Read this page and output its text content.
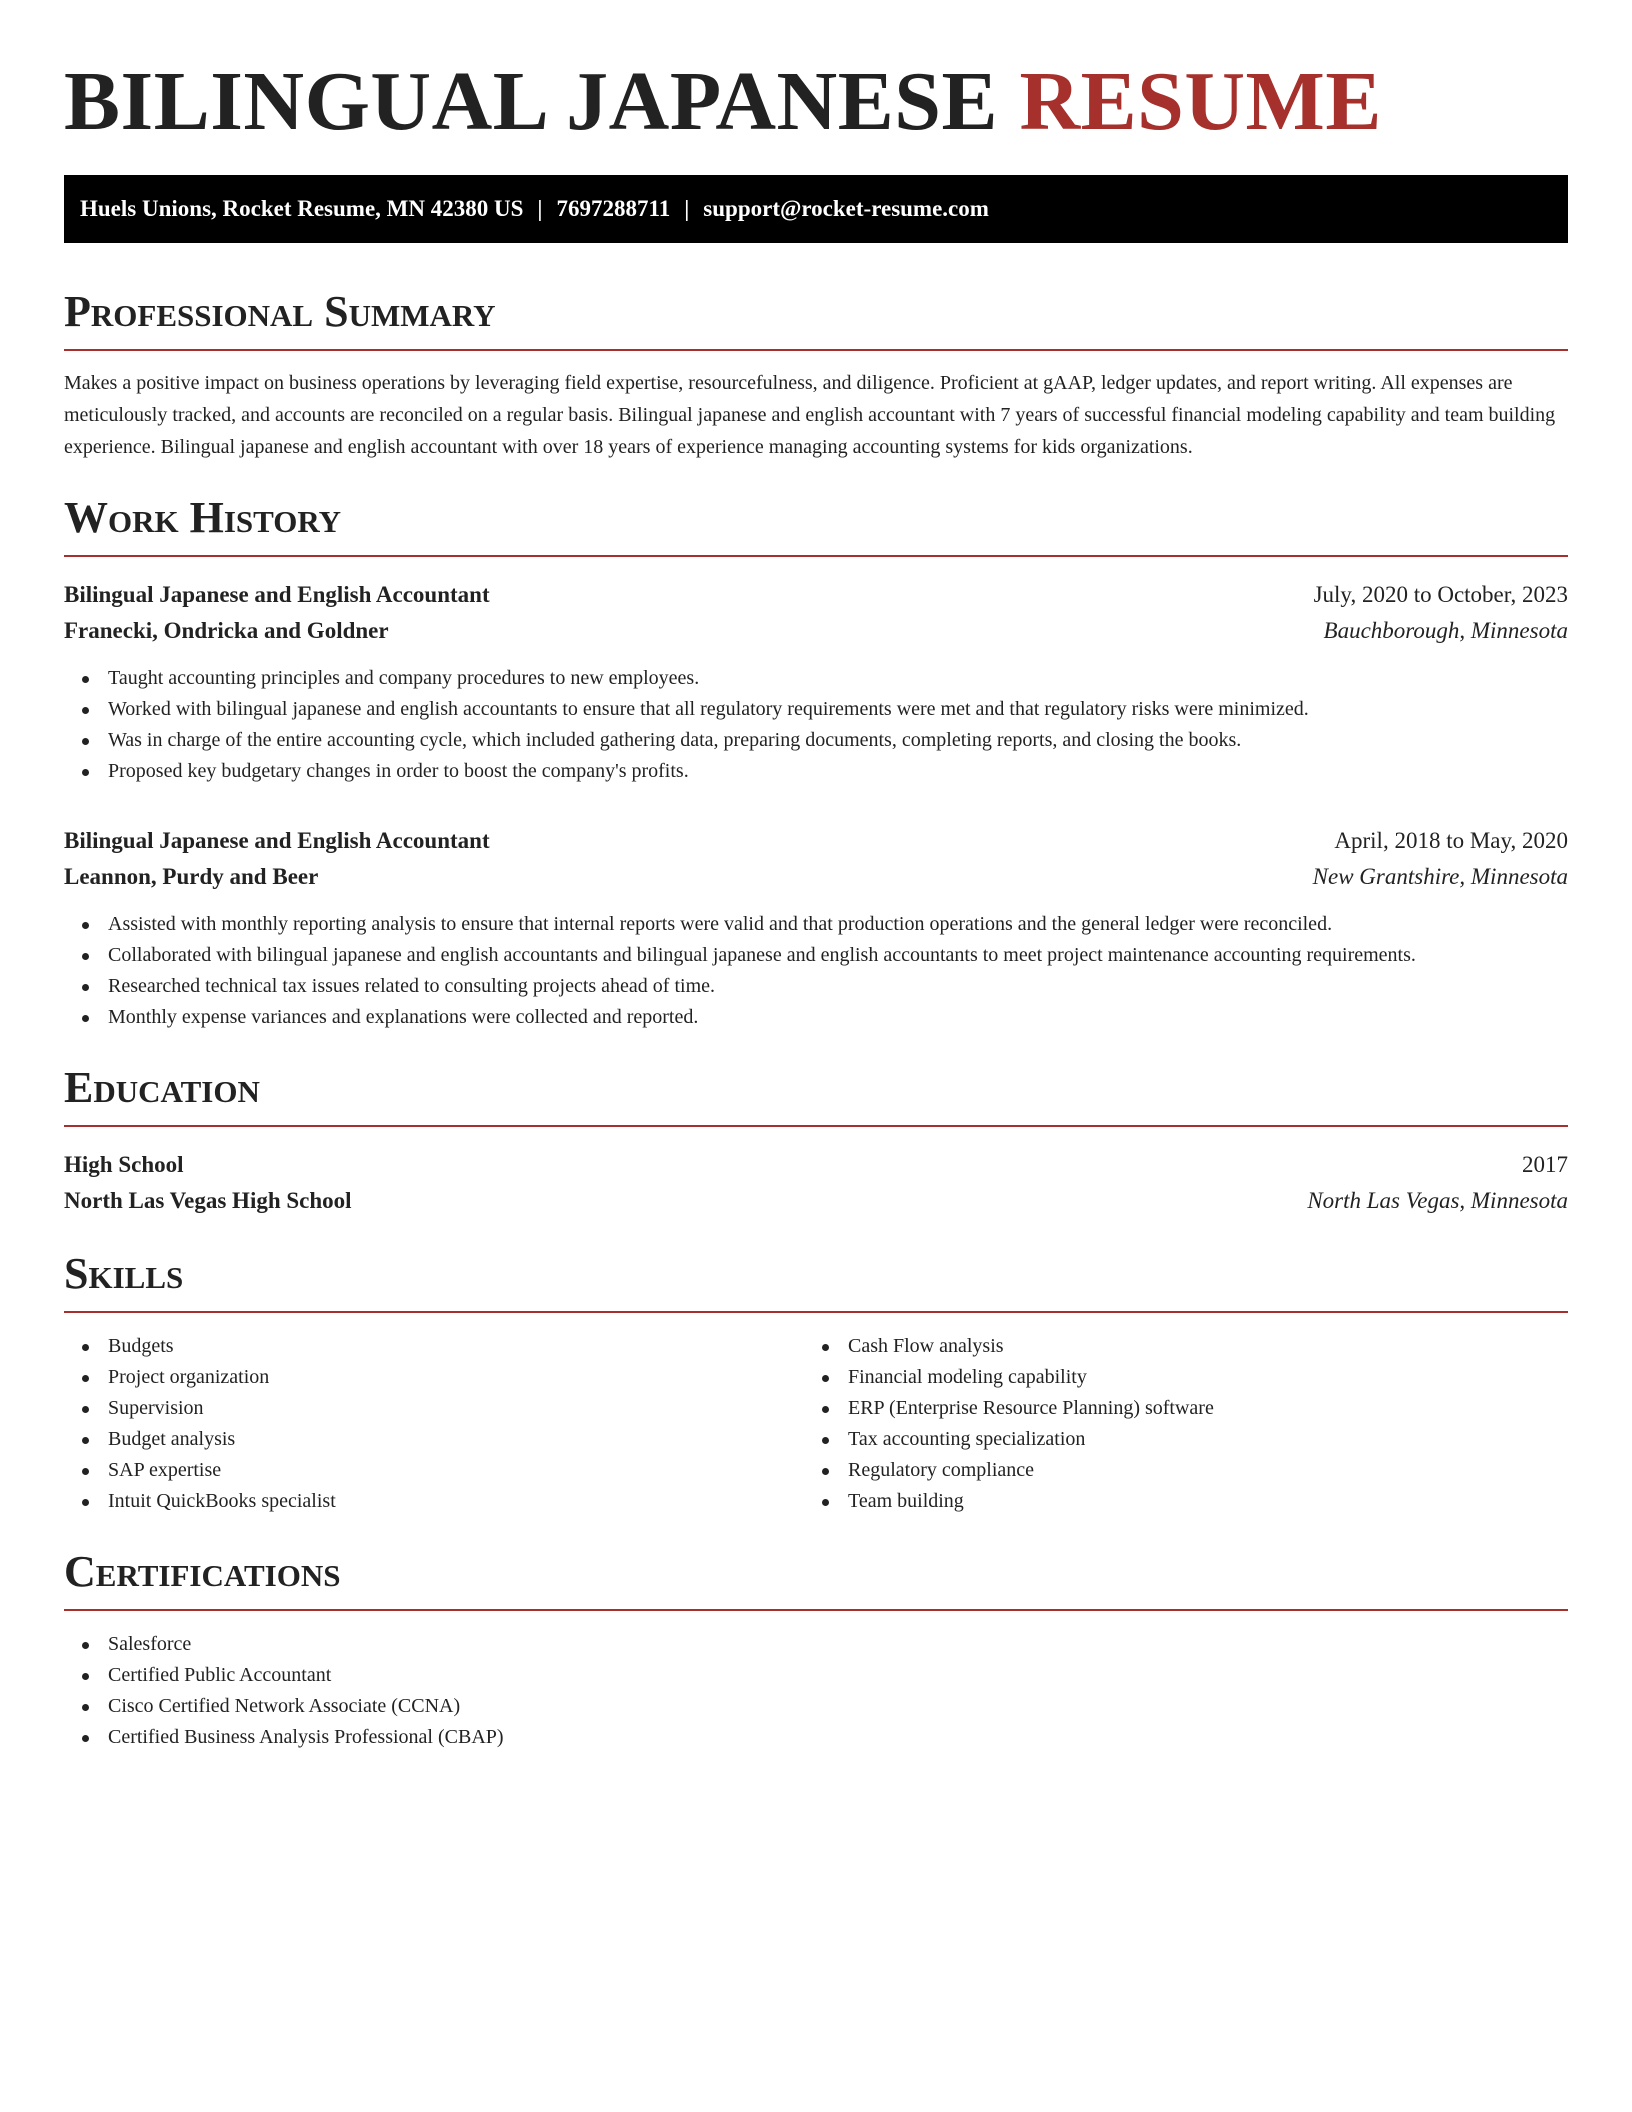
BILINGUAL JAPANESE RESUME
Huels Unions, Rocket Resume, MN 42380 US | 7697288711 | support@rocket-resume.com
Professional Summary

Makes a positive impact on business operations by leveraging field expertise, resourcefulness, and diligence. Proficient at gAAP, ledger updates, and report writing. All expenses are meticulously tracked, and accounts are reconciled on a regular basis. Bilingual japanese and english accountant with 7 years of successful financial modeling capability and team building experience. Bilingual japanese and english accountant with over 18 years of experience managing accounting systems for kids organizations.

Work History
Bilingual Japanese and English Accountant	July, 2020 to October, 2023
Franecki, Ondricka and Goldner	Bauchborough, Minnesota
Taught accounting principles and company procedures to new employees.
Worked with bilingual japanese and english accountants to ensure that all regulatory requirements were met and that regulatory risks were minimized.
Was in charge of the entire accounting cycle, which included gathering data, preparing documents, completing reports, and closing the books.
Proposed key budgetary changes in order to boost the company's profits.
Bilingual Japanese and English Accountant	April, 2018 to May, 2020
Leannon, Purdy and Beer	New Grantshire, Minnesota
Assisted with monthly reporting analysis to ensure that internal reports were valid and that production operations and the general ledger were reconciled.
Collaborated with bilingual japanese and english accountants and bilingual japanese and english accountants to meet project maintenance accounting requirements.
Researched technical tax issues related to consulting projects ahead of time.
Monthly expense variances and explanations were collected and reported.
Education
High School	2017
North Las Vegas High School	North Las Vegas, Minnesota
Skills
Budgets
Project organization
Supervision
Budget analysis
SAP expertise
Intuit QuickBooks specialist
Cash Flow analysis
Financial modeling capability
ERP (Enterprise Resource Planning) software
Tax accounting specialization
Regulatory compliance
Team building
Certifications
Salesforce
Certified Public Accountant
Cisco Certified Network Associate (CCNA)
Certified Business Analysis Professional (CBAP)
